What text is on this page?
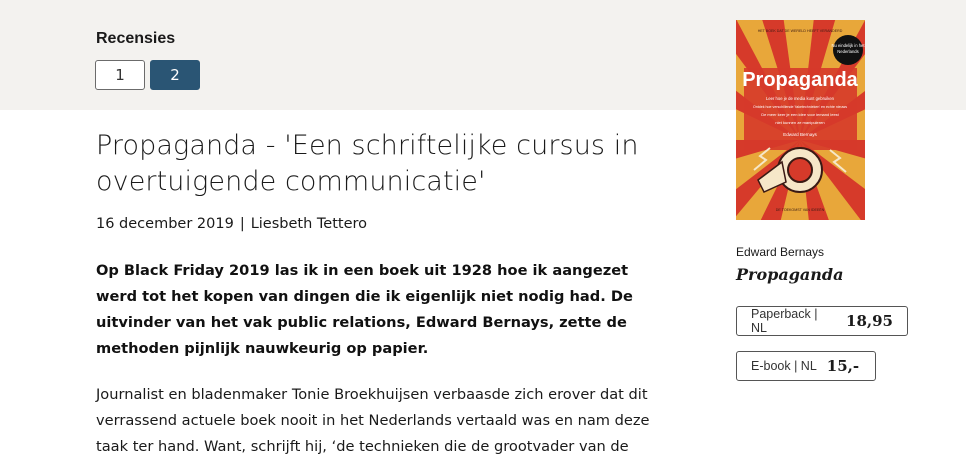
Recensies
1	2
Propaganda - 'Een schriftelijke cursus in overtuigende communicatie'
16 december 2019 | Liesbeth Tettero

Op Black Friday 2019 las ik in een boek uit 1928 hoe ik aangezet werd tot het kopen van dingen die ik eigenlijk niet nodig had. De uitvinder van het vak public relations, Edward Bernays, zette de methoden pijnlijk nauwkeurig op papier.

Journalist en bladenmaker Tonie Broekhuijsen verbaasde zich erover dat dit verrassend actuele boek nooit in het Nederlands vertaald was en nam deze taak ter hand. Want, schrijft hij, ‘de technieken die de grootvader van de

Nu eindelijk in het
Nederlands
HET BOEK DAT DE WERELD HEEFT VERANDERD
Propaganda
Leer hoe je de media kunt gebruiken
Ontdek hoe verschillende 'faketechnieken' en echte nieuws
De meer keer je een idee voor iemand leest
niet kunnen ze manipuleren
Edward Bernays
DE TOEKOMST VAN IDEEËN
Edward Bernays
Propaganda
Paperback | NL	18,95
E-book | NL 15,-
